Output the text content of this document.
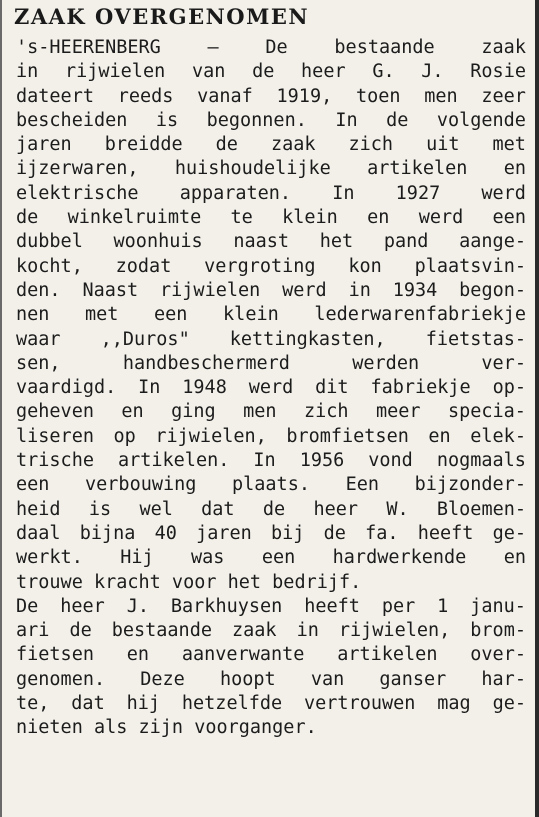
ZAAK OVERGENOMEN
's-HEERENBERG	—	De	bestaande	zaak
in rijwielen van de heer G. J. Rosie
dateert reeds vanaf 1919, toen men zeer
bescheiden is begonnen. In de volgende
jaren breidde de zaak zich uit met
ijzerwaren, huishoudelijke artikelen en
elektrische apparaten. In 1927 werd
de winkelruimte te klein en werd een
dubbel woonhuis naast het pand aange-
kocht, zodat vergroting kon plaatsvin-
den. Naast rijwielen werd in 1934 begon-
nen met een klein lederwarenfabriekje
waar ,,Duros" kettingkasten, fietstas-
sen,	handbeschermerd	werden	ver-
vaardigd. In 1948 werd dit fabriekje op-
geheven en ging men zich meer specia-
liseren op rijwielen, bromfietsen en elek-
trische artikelen. In 1956 vond nogmaals
een verbouwing plaats. Een bijzonder-
heid is wel dat de heer W. Bloemen-
daal bijna 40 jaren bij de fa. heeft ge-
werkt. Hij was een hardwerkende en
trouwe kracht voor het bedrijf.
De heer J. Barkhuysen heeft per 1 janu-
ari de bestaande zaak in rijwielen, brom-
fietsen en aanverwante artikelen over-
genomen. Deze hoopt van ganser har-
te, dat hij hetzelfde vertrouwen mag ge-
nieten als zijn voorganger.
